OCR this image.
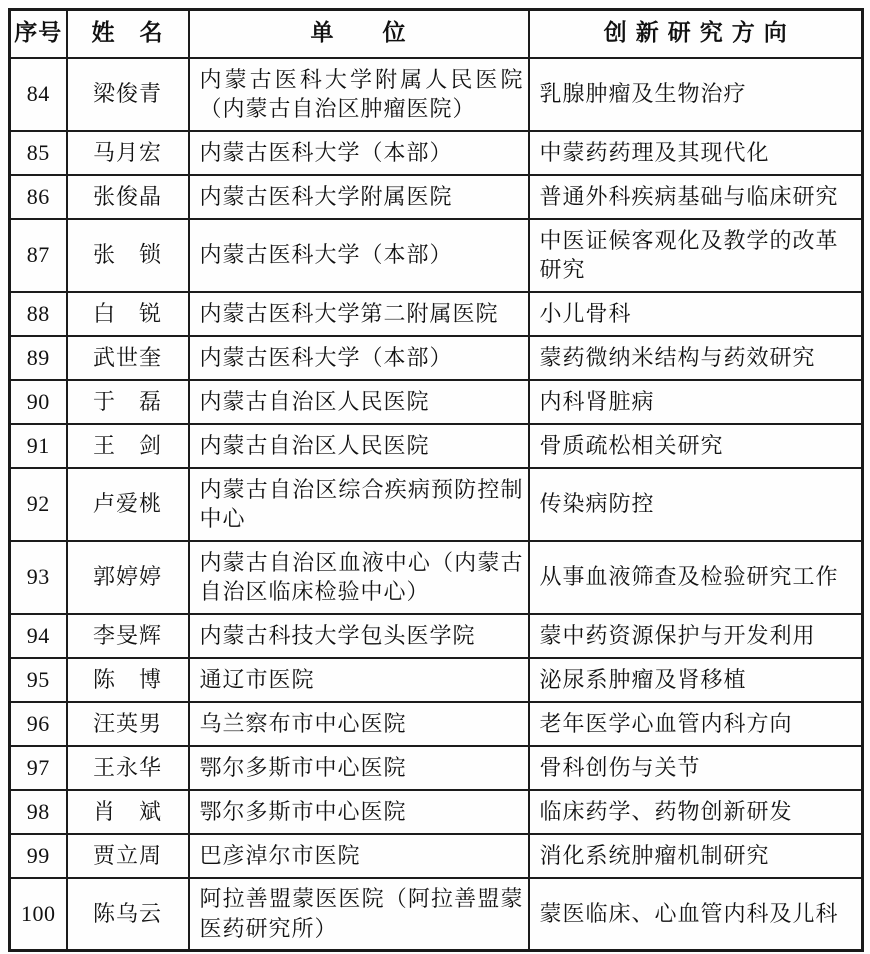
序号	姓　名	单　　位	创新研究方向
84	梁俊青	内蒙古医科大学附属人民医院（内蒙古自治区肿瘤医院）	乳腺肿瘤及生物治疗
85	马月宏	内蒙古医科大学（本部）	中蒙药药理及其现代化
86	张俊晶	内蒙古医科大学附属医院	普通外科疾病基础与临床研究
87	张　锁	内蒙古医科大学（本部）	中医证候客观化及教学的改革研究
88	白　锐	内蒙古医科大学第二附属医院	小儿骨科
89	武世奎	内蒙古医科大学（本部）	蒙药微纳米结构与药效研究
90	于　磊	内蒙古自治区人民医院	内科肾脏病
91	王　剑	内蒙古自治区人民医院	骨质疏松相关研究
92	卢爱桃	内蒙古自治区综合疾病预防控制中心	传染病防控
93	郭婷婷	内蒙古自治区血液中心（内蒙古自治区临床检验中心）	从事血液筛查及检验研究工作
94	李旻辉	内蒙古科技大学包头医学院	蒙中药资源保护与开发利用
95	陈　博	通辽市医院	泌尿系肿瘤及肾移植
96	汪英男	乌兰察布市中心医院	老年医学心血管内科方向
97	王永华	鄂尔多斯市中心医院	骨科创伤与关节
98	肖　斌	鄂尔多斯市中心医院	临床药学、药物创新研发
99	贾立周	巴彦淖尔市医院	消化系统肿瘤机制研究
100	陈乌云	阿拉善盟蒙医医院（阿拉善盟蒙医药研究所）	蒙医临床、心血管内科及儿科
